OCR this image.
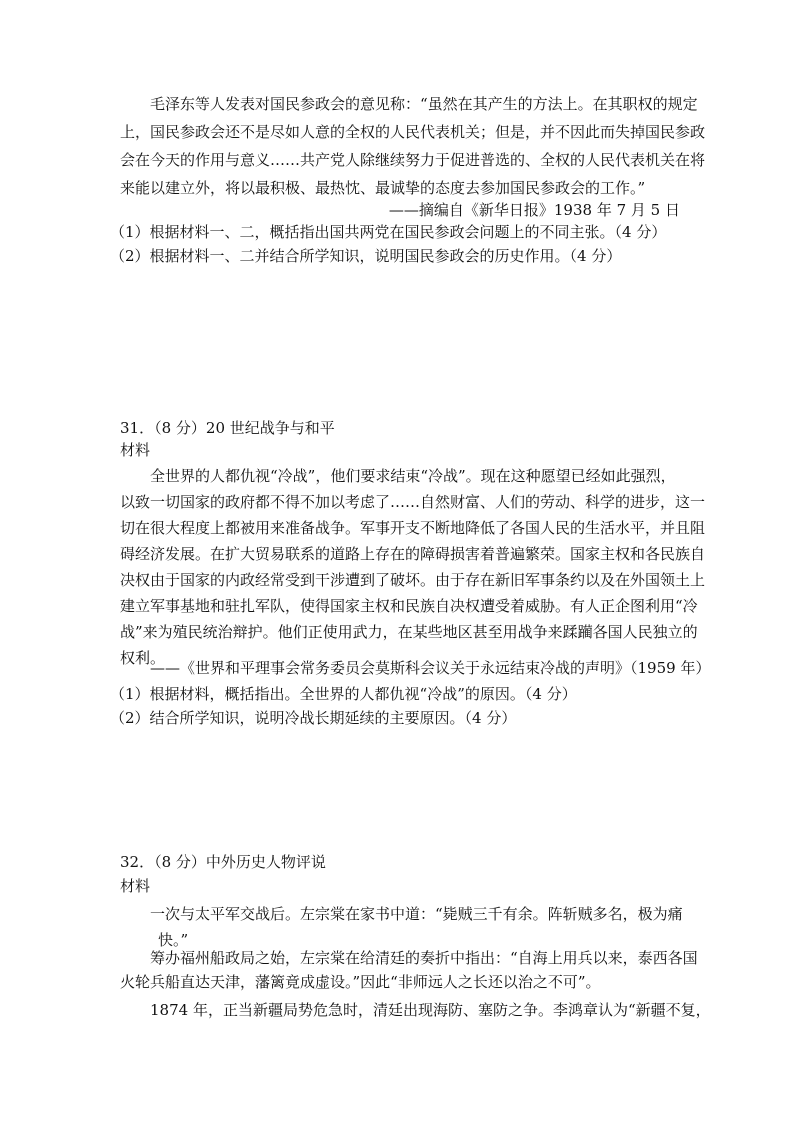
毛泽东等人发表对国民参政会的意见称：“虽然在其产生的方法上。在其职权的规定
上，国民参政会还不是尽如人意的全权的人民代表机关；但是，并不因此而失掉国民参政
会在今天的作用与意义……共产党人除继续努力于促进普选的、全权的人民代表机关在将
来能以建立外，将以最积极、最热忱、最诚挚的态度去参加国民参政会的工作。”
——摘编自《新华日报》1938 年 7 月 5 日
（1）根据材料一、二，概括指出国共两党在国民参政会问题上的不同主张。（4 分）
（2）根据材料一、二并结合所学知识，说明国民参政会的历史作用。（4 分）
31．（8 分）20 世纪战争与和平
材料
全世界的人都仇视“冷战”，他们要求结束“冷战”。现在这种愿望已经如此强烈，
以致一切国家的政府都不得不加以考虑了……自然财富、人们的劳动、科学的进步，这一
切在很大程度上都被用来准备战争。军事开支不断地降低了各国人民的生活水平，并且阻
碍经济发展。在扩大贸易联系的道路上存在的障碍损害着普遍繁荣。国家主权和各民族自
决权由于国家的内政经常受到干涉遭到了破坏。由于存在新旧军事条约以及在外国领土上
建立军事基地和驻扎军队，使得国家主权和民族自决权遭受着威胁。有人正企图利用“冷
战”来为殖民统治辩护。他们正使用武力，在某些地区甚至用战争来蹂躏各国人民独立的
权利。
——《世界和平理事会常务委员会莫斯科会议关于永远结束冷战的声明》（1959 年）
（1）根据材料，概括指出。全世界的人都仇视“冷战”的原因。（4 分）
（2）结合所学知识，说明冷战长期延续的主要原因。（4 分）
32．（8 分）中外历史人物评说
材料
一次与太平军交战后。左宗棠在家书中道：“毙贼三千有余。阵斩贼多名，极为痛
快。”
筹办福州船政局之始，左宗棠在给清廷的奏折中指出：“自海上用兵以来，泰西各国
火轮兵船直达天津，藩篱竟成虚设。”因此“非师远人之长还以治之不可”。
1874 年，正当新疆局势危急时，清廷出现海防、塞防之争。李鸿章认为“新疆不复，
